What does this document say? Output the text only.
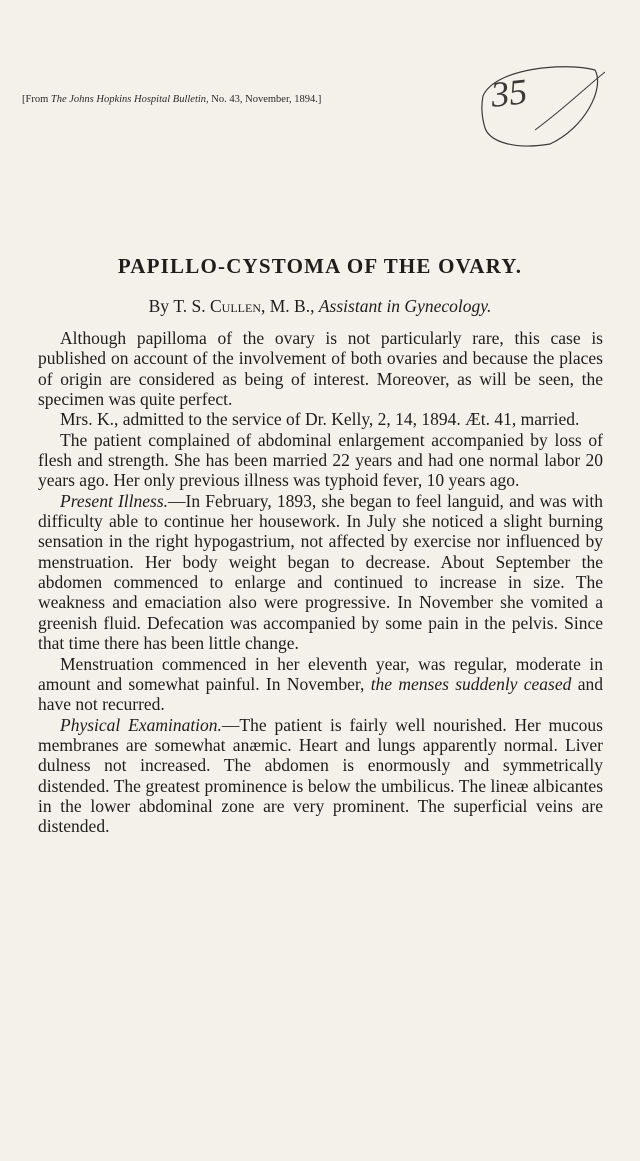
[From The Johns Hopkins Hospital Bulletin, No. 43, November, 1894.]	35
PAPILLO-CYSTOMA OF THE OVARY.
By T. S. Cullen, M. B., Assistant in Gynecology.

Although papilloma of the ovary is not particularly rare, this case is published on account of the involvement of both ovaries and because the places of origin are considered as being of interest. Moreover, as will be seen, the specimen was quite perfect.

Mrs. K., admitted to the service of Dr. Kelly, 2, 14, 1894. Æt. 41, married.

The patient complained of abdominal enlargement accompanied by loss of flesh and strength. She has been married 22 years and had one normal labor 20 years ago. Her only previous illness was typhoid fever, 10 years ago.

Present Illness.—In February, 1893, she began to feel languid, and was with difficulty able to continue her housework. In July she noticed a slight burning sensation in the right hypogastrium, not affected by exercise nor influenced by menstruation. Her body weight began to decrease. About September the abdomen commenced to enlarge and continued to increase in size. The weakness and emaciation also were progressive. In November she vomited a greenish fluid. Defecation was accompanied by some pain in the pelvis. Since that time there has been little change.

Menstruation commenced in her eleventh year, was regular, moderate in amount and somewhat painful. In November, the menses suddenly ceased and have not recurred.

Physical Examination.—The patient is fairly well nourished. Her mucous membranes are somewhat anæmic. Heart and lungs apparently normal. Liver dulness not increased. The abdomen is enormously and symmetrically distended. The greatest prominence is below the umbilicus. The lineæ albicantes in the lower abdominal zone are very prominent. The superficial veins are distended.
